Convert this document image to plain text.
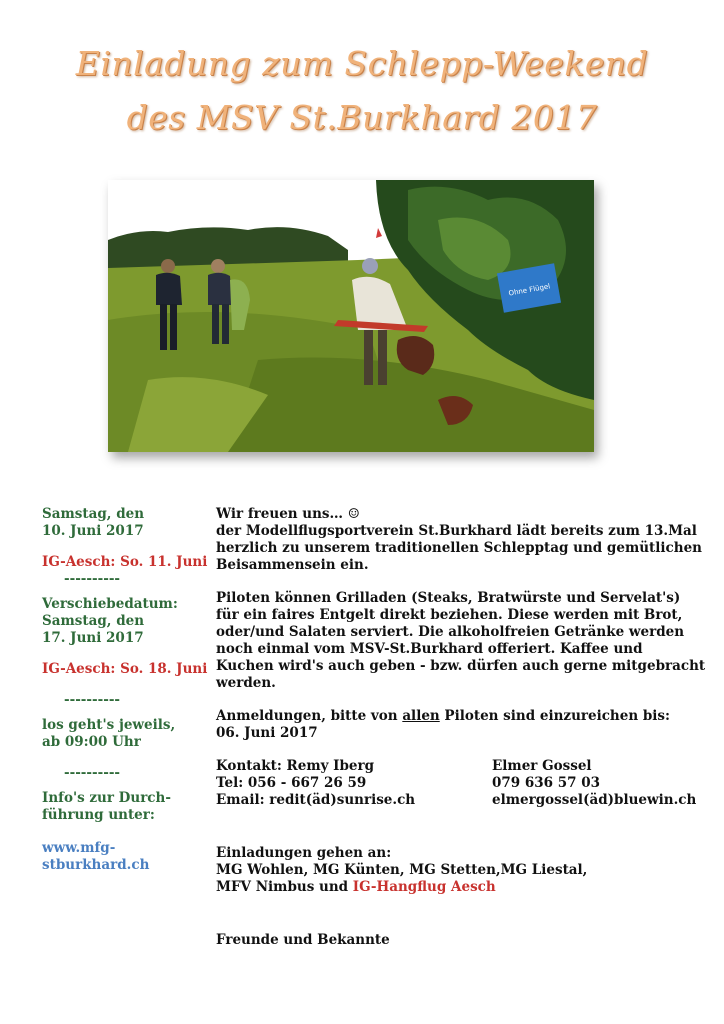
Einladung zum Schlepp-Weekend
des MSV St.Burkhard 2017
Ohne Flügel
Samstag, den
10. Juni 2017
IG-Aesch: So. 11. Juni
----------
Verschiebedatum:
Samstag, den
17. Juni 2017
IG-Aesch: So. 18. Juni
----------
los geht's jeweils,
ab 09:00 Uhr
----------
Info's zur Durch-
führung unter:
www.mfg-
stburkhard.ch
Wir freuen uns… ☺
der Modellflugsportverein St.Burkhard lädt bereits zum 13.Mal
herzlich zu unserem traditionellen Schlepptag und gemütlichen
Beisammensein ein.
Piloten können Grilladen (Steaks, Bratwürste und Servelat's)
für ein faires Entgelt direkt beziehen. Diese werden mit Brot,
oder/und Salaten serviert. Die alkoholfreien Getränke werden
noch einmal vom MSV-St.Burkhard offeriert. Kaffee und
Kuchen wird's auch geben - bzw. dürfen auch gerne mitgebracht
werden.
Anmeldungen, bitte von allen Piloten sind einzureichen bis:
06. Juni 2017
Kontakt: Remy Iberg	Elmer Gossel
Tel: 056 - 667 26 59	079 636 57 03
Email: redit(äd)sunrise.ch	elmergossel(äd)bluewin.ch
Einladungen gehen an:
MG Wohlen, MG Künten, MG Stetten,MG Liestal,
MFV Nimbus und IG-Hangflug Aesch
Freunde und Bekannte
